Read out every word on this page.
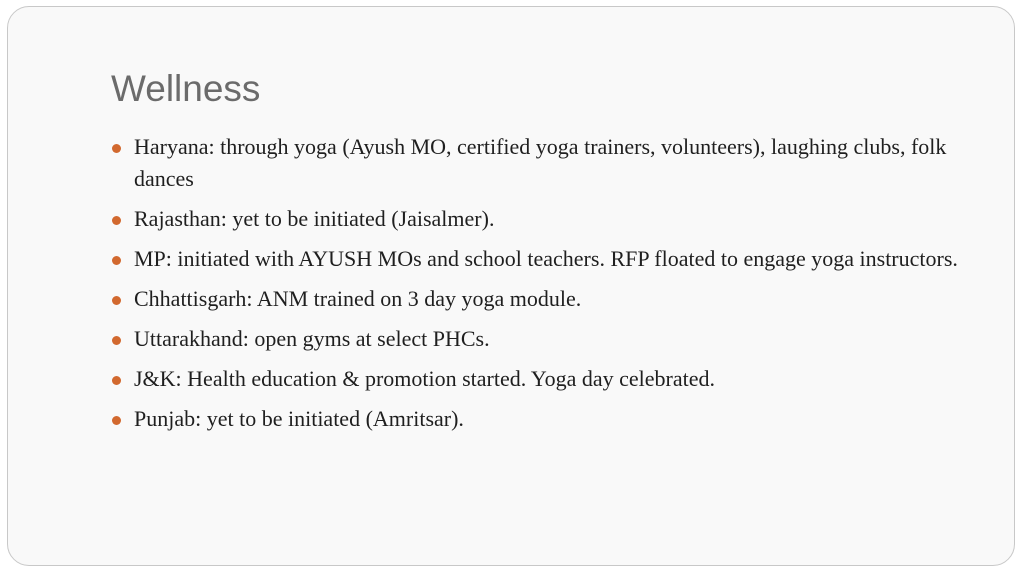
Wellness
Haryana: through yoga (Ayush MO, certified yoga trainers, volunteers), laughing clubs, folk dances
Rajasthan: yet to be initiated (Jaisalmer).
MP: initiated with AYUSH MOs and school teachers. RFP floated to engage yoga instructors.
Chhattisgarh: ANM trained on 3 day yoga module.
Uttarakhand: open gyms at select PHCs.
J&K: Health education & promotion started. Yoga day celebrated.
Punjab: yet to be initiated (Amritsar).
